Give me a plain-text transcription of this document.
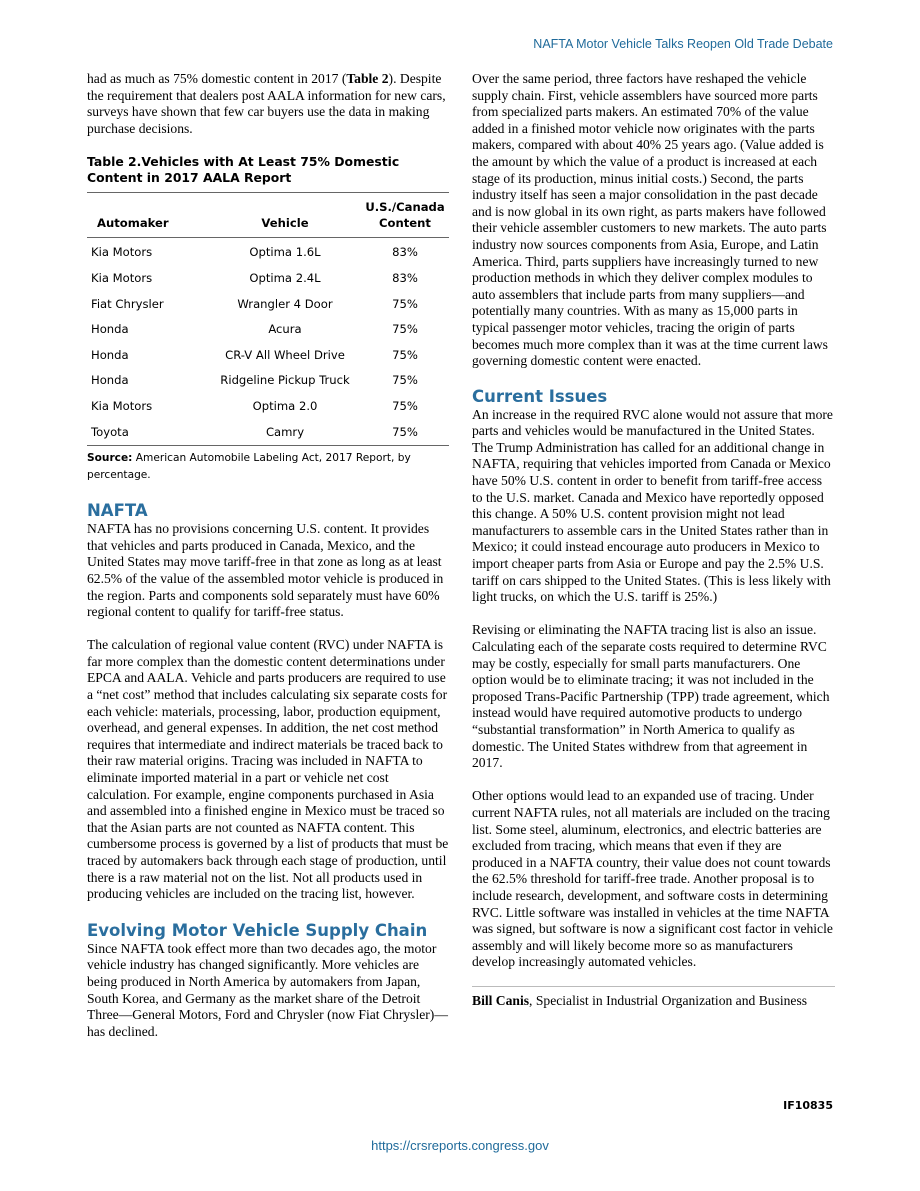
NAFTA Motor Vehicle Talks Reopen Old Trade Debate

had as much as 75% domestic content in 2017 (Table 2). Despite the requirement that dealers post AALA information for new cars, surveys have shown that few car buyers use the data in making purchase decisions.

Table 2.Vehicles with At Least 75% Domestic Content in 2017 AALA Report
Automaker	Vehicle	U.S./Canada Content
Kia Motors	Optima 1.6L	83%
Kia Motors	Optima 2.4L	83%
Fiat Chrysler	Wrangler 4 Door	75%
Honda	Acura	75%
Honda	CR-V All Wheel Drive	75%
Honda	Ridgeline Pickup Truck	75%
Kia Motors	Optima 2.0	75%
Toyota	Camry	75%
Source: American Automobile Labeling Act, 2017 Report, by percentage.
NAFTA

NAFTA has no provisions concerning U.S. content. It provides that vehicles and parts produced in Canada, Mexico, and the United States may move tariff-free in that zone as long as at least 62.5% of the value of the assembled motor vehicle is produced in the region. Parts and components sold separately must have 60% regional content to qualify for tariff-free status.

The calculation of regional value content (RVC) under NAFTA is far more complex than the domestic content determinations under EPCA and AALA. Vehicle and parts producers are required to use a “net cost” method that includes calculating six separate costs for each vehicle: materials, processing, labor, production equipment, overhead, and general expenses. In addition, the net cost method requires that intermediate and indirect materials be traced back to their raw material origins. Tracing was included in NAFTA to eliminate imported material in a part or vehicle net cost calculation. For example, engine components purchased in Asia and assembled into a finished engine in Mexico must be traced so that the Asian parts are not counted as NAFTA content. This cumbersome process is governed by a list of products that must be traced by automakers back through each stage of production, until there is a raw material not on the list. Not all products used in producing vehicles are included on the tracing list, however.

Evolving Motor Vehicle Supply Chain

Since NAFTA took effect more than two decades ago, the motor vehicle industry has changed significantly. More vehicles are being produced in North America by automakers from Japan, South Korea, and Germany as the market share of the Detroit Three—General Motors, Ford and Chrysler (now Fiat Chrysler)—has declined.

Over the same period, three factors have reshaped the vehicle supply chain. First, vehicle assemblers have sourced more parts from specialized parts makers. An estimated 70% of the value added in a finished motor vehicle now originates with the parts makers, compared with about 40% 25 years ago. (Value added is the amount by which the value of a product is increased at each stage of its production, minus initial costs.) Second, the parts industry itself has seen a major consolidation in the past decade and is now global in its own right, as parts makers have followed their vehicle assembler customers to new markets. The auto parts industry now sources components from Asia, Europe, and Latin America. Third, parts suppliers have increasingly turned to new production methods in which they deliver complex modules to auto assemblers that include parts from many suppliers—and potentially many countries. With as many as 15,000 parts in typical passenger motor vehicles, tracing the origin of parts becomes much more complex than it was at the time current laws governing domestic content were enacted.

Current Issues

An increase in the required RVC alone would not assure that more parts and vehicles would be manufactured in the United States. The Trump Administration has called for an additional change in NAFTA, requiring that vehicles imported from Canada or Mexico have 50% U.S. content in order to benefit from tariff-free access to the U.S. market. Canada and Mexico have reportedly opposed this change. A 50% U.S. content provision might not lead manufacturers to assemble cars in the United States rather than in Mexico; it could instead encourage auto producers in Mexico to import cheaper parts from Asia or Europe and pay the 2.5% U.S. tariff on cars shipped to the United States. (This is less likely with light trucks, on which the U.S. tariff is 25%.)

Revising or eliminating the NAFTA tracing list is also an issue. Calculating each of the separate costs required to determine RVC may be costly, especially for small parts manufacturers. One option would be to eliminate tracing; it was not included in the proposed Trans-Pacific Partnership (TPP) trade agreement, which instead would have required automotive products to undergo “substantial transformation” in North America to qualify as domestic. The United States withdrew from that agreement in 2017.

Other options would lead to an expanded use of tracing. Under current NAFTA rules, not all materials are included on the tracing list. Some steel, aluminum, electronics, and electric batteries are excluded from tracing, which means that even if they are produced in a NAFTA country, their value does not count towards the 62.5% threshold for tariff-free trade. Another proposal is to include research, development, and software costs in determining RVC. Little software was installed in vehicles at the time NAFTA was signed, but software is now a significant cost factor in vehicle assembly and will likely become more so as manufacturers develop increasingly automated vehicles.

Bill Canis, Specialist in Industrial Organization and Business
IF10835
https://crsreports.congress.gov
